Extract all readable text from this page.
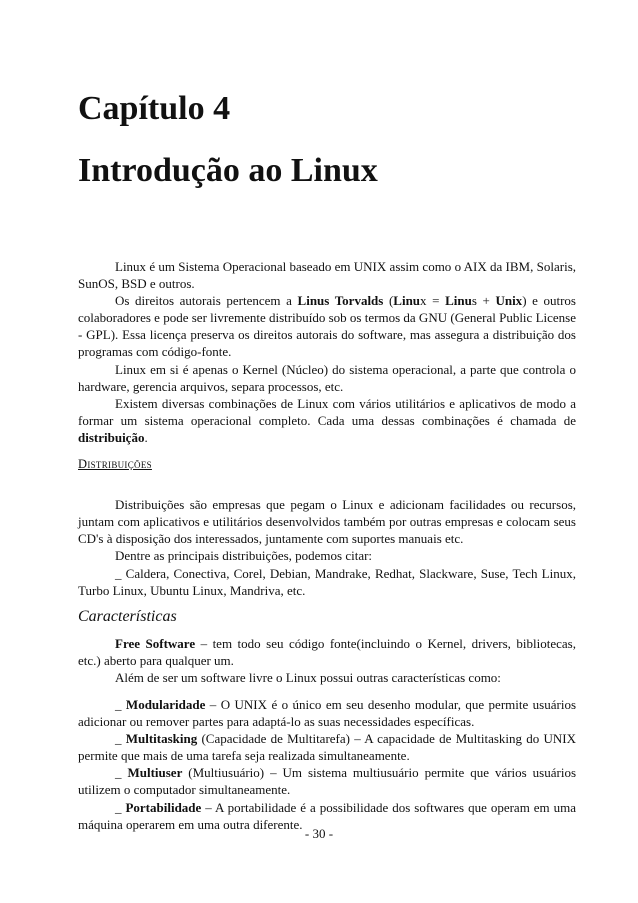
Capítulo 4
Introdução ao Linux

Linux é um Sistema Operacional baseado em UNIX assim como o AIX da IBM, Solaris, SunOS, BSD e outros.

Os direitos autorais pertencem a Linus Torvalds (Linux = Linus + Unix) e outros colaboradores e pode ser livremente distribuído sob os termos da GNU (General Public License - GPL). Essa licença preserva os direitos autorais do software, mas assegura a distribuição dos programas com código-fonte.

Linux em si é apenas o Kernel (Núcleo) do sistema operacional, a parte que controla o hardware, gerencia arquivos, separa processos, etc.

Existem diversas combinações de Linux com vários utilitários e aplicativos de modo a formar um sistema operacional completo. Cada uma dessas combinações é chamada de distribuição.

Distribuições

Distribuições são empresas que pegam o Linux e adicionam facilidades ou recursos, juntam com aplicativos e utilitários desenvolvidos também por outras empresas e colocam seus CD's à disposição dos interessados, juntamente com suportes manuais etc.

Dentre as principais distribuições, podemos citar:

_ Caldera, Conectiva, Corel, Debian, Mandrake, Redhat, Slackware, Suse, Tech Linux, Turbo Linux, Ubuntu Linux, Mandriva, etc.

Características

Free Software – tem todo seu código fonte(incluindo o Kernel, drivers, bibliotecas, etc.) aberto para qualquer um.

Além de ser um software livre o Linux possui outras características como:

_ Modularidade – O UNIX é o único em seu desenho modular, que permite usuários adicionar ou remover partes para adaptá-lo as suas necessidades específicas.

_ Multitasking (Capacidade de Multitarefa) – A capacidade de Multitasking do UNIX permite que mais de uma tarefa seja realizada simultaneamente.

_ Multiuser (Multiusuário) – Um sistema multiusuário permite que vários usuários utilizem o computador simultaneamente.

_ Portabilidade – A portabilidade é a possibilidade dos softwares que operam em uma máquina operarem em uma outra diferente.

- 30 -
